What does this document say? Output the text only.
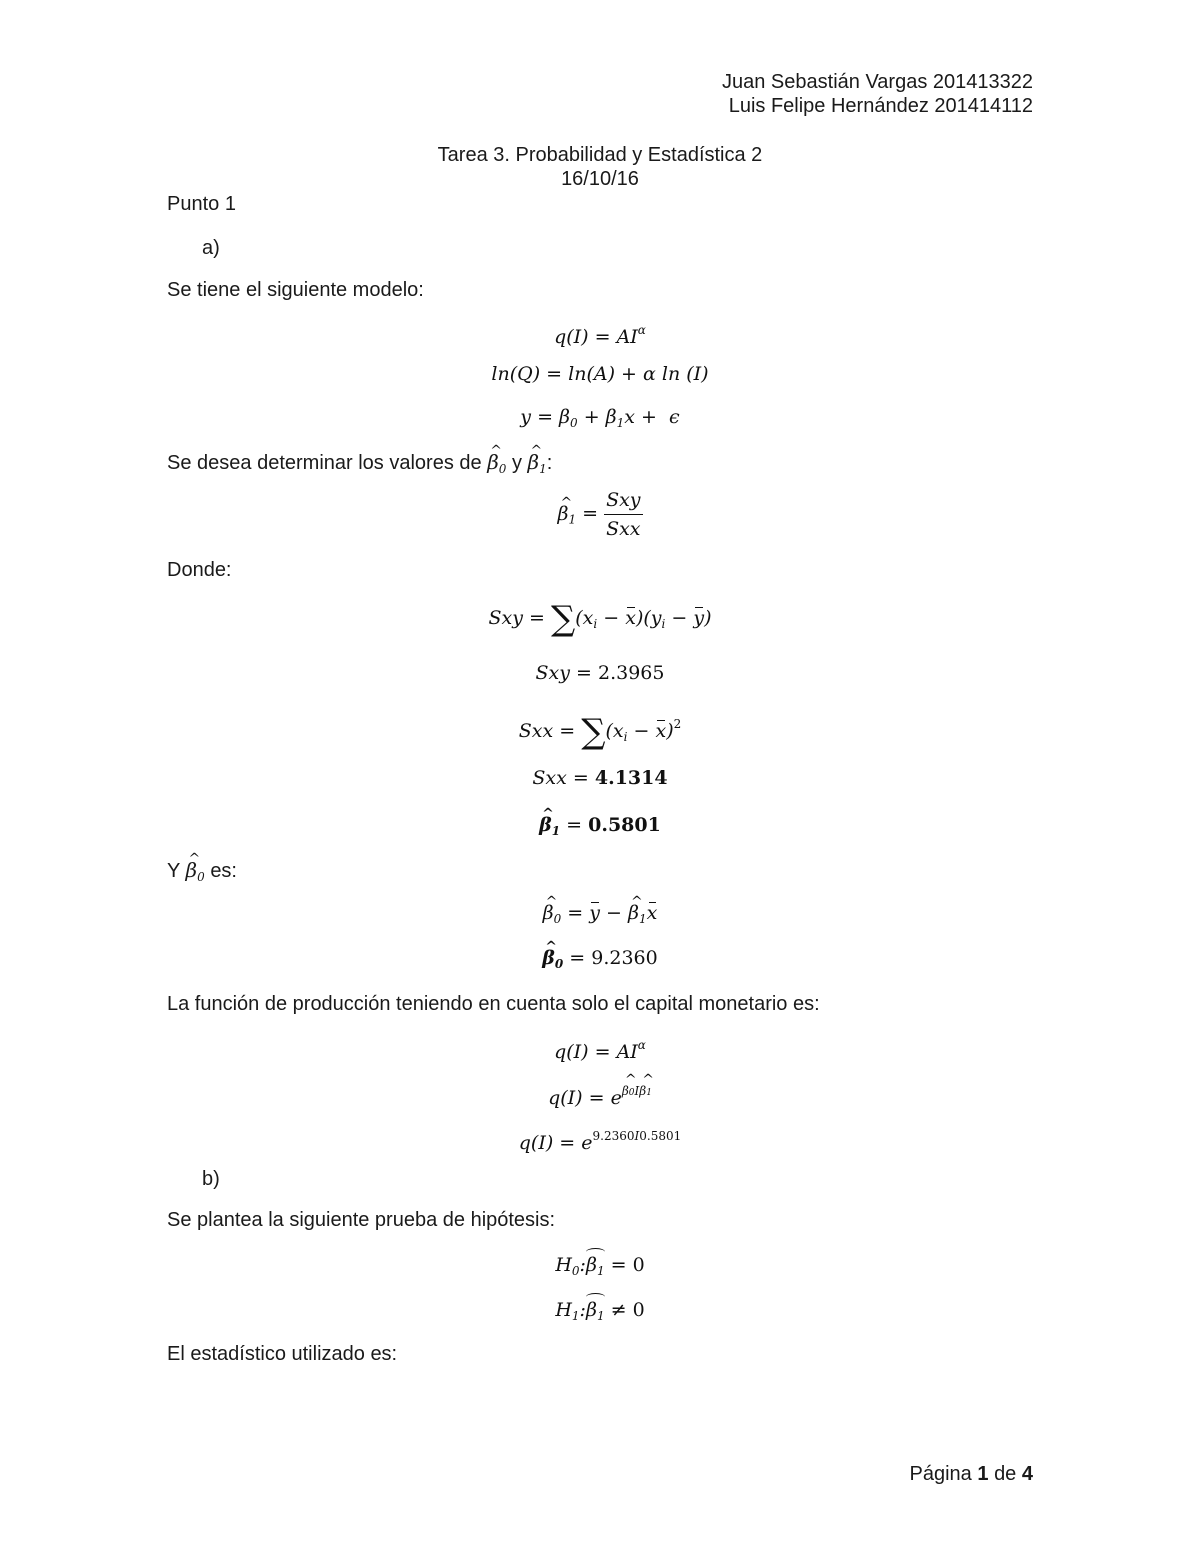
Juan Sebastián Vargas 201413322
Luis Felipe Hernández 201414112
Tarea 3. Probabilidad y Estadística 2
16/10/16
Punto 1
a)
Se tiene el siguiente modelo:
$q(I) = AI^\alpha$
ln(Q) = ln(A) + α ln (I)
$y = \beta_0 + \beta_1x + \epsilon$
Se desea determinar los valores de ^ $\beta_0$ y ^ $\beta_1$:
^ $\beta_1 = \frac{\text{Sxy}}{\text{Sxx}}$
Donde:
Sxy = $\sum(x_i - x)(y_i - y)$
Sxy = 2.3965
Sxx = $\sum(x_i - x)^2$
Sxx = 4.1314
^ $\beta_1 = 0.5801$
Y ^ $\beta_0$ es:
^ $\beta_0 = y$ − ^ $\beta_1x$
^ $\beta_0 = 9.2360$
La función de producción teniendo en cuenta solo el capital monetario es:
$q(I) = AI^\alpha$
q(I) = e^ $^{\beta 0I\^{} \beta 1}$
$q(I) = e^{9.2360I0.5801}$
b)
Se plantea la siguiente prueba de hipótesis:
$H_0:\beta_1 = 0$
$H_1:\beta_1 \ne 0$
El estadístico utilizado es:
Página 1 de 4
